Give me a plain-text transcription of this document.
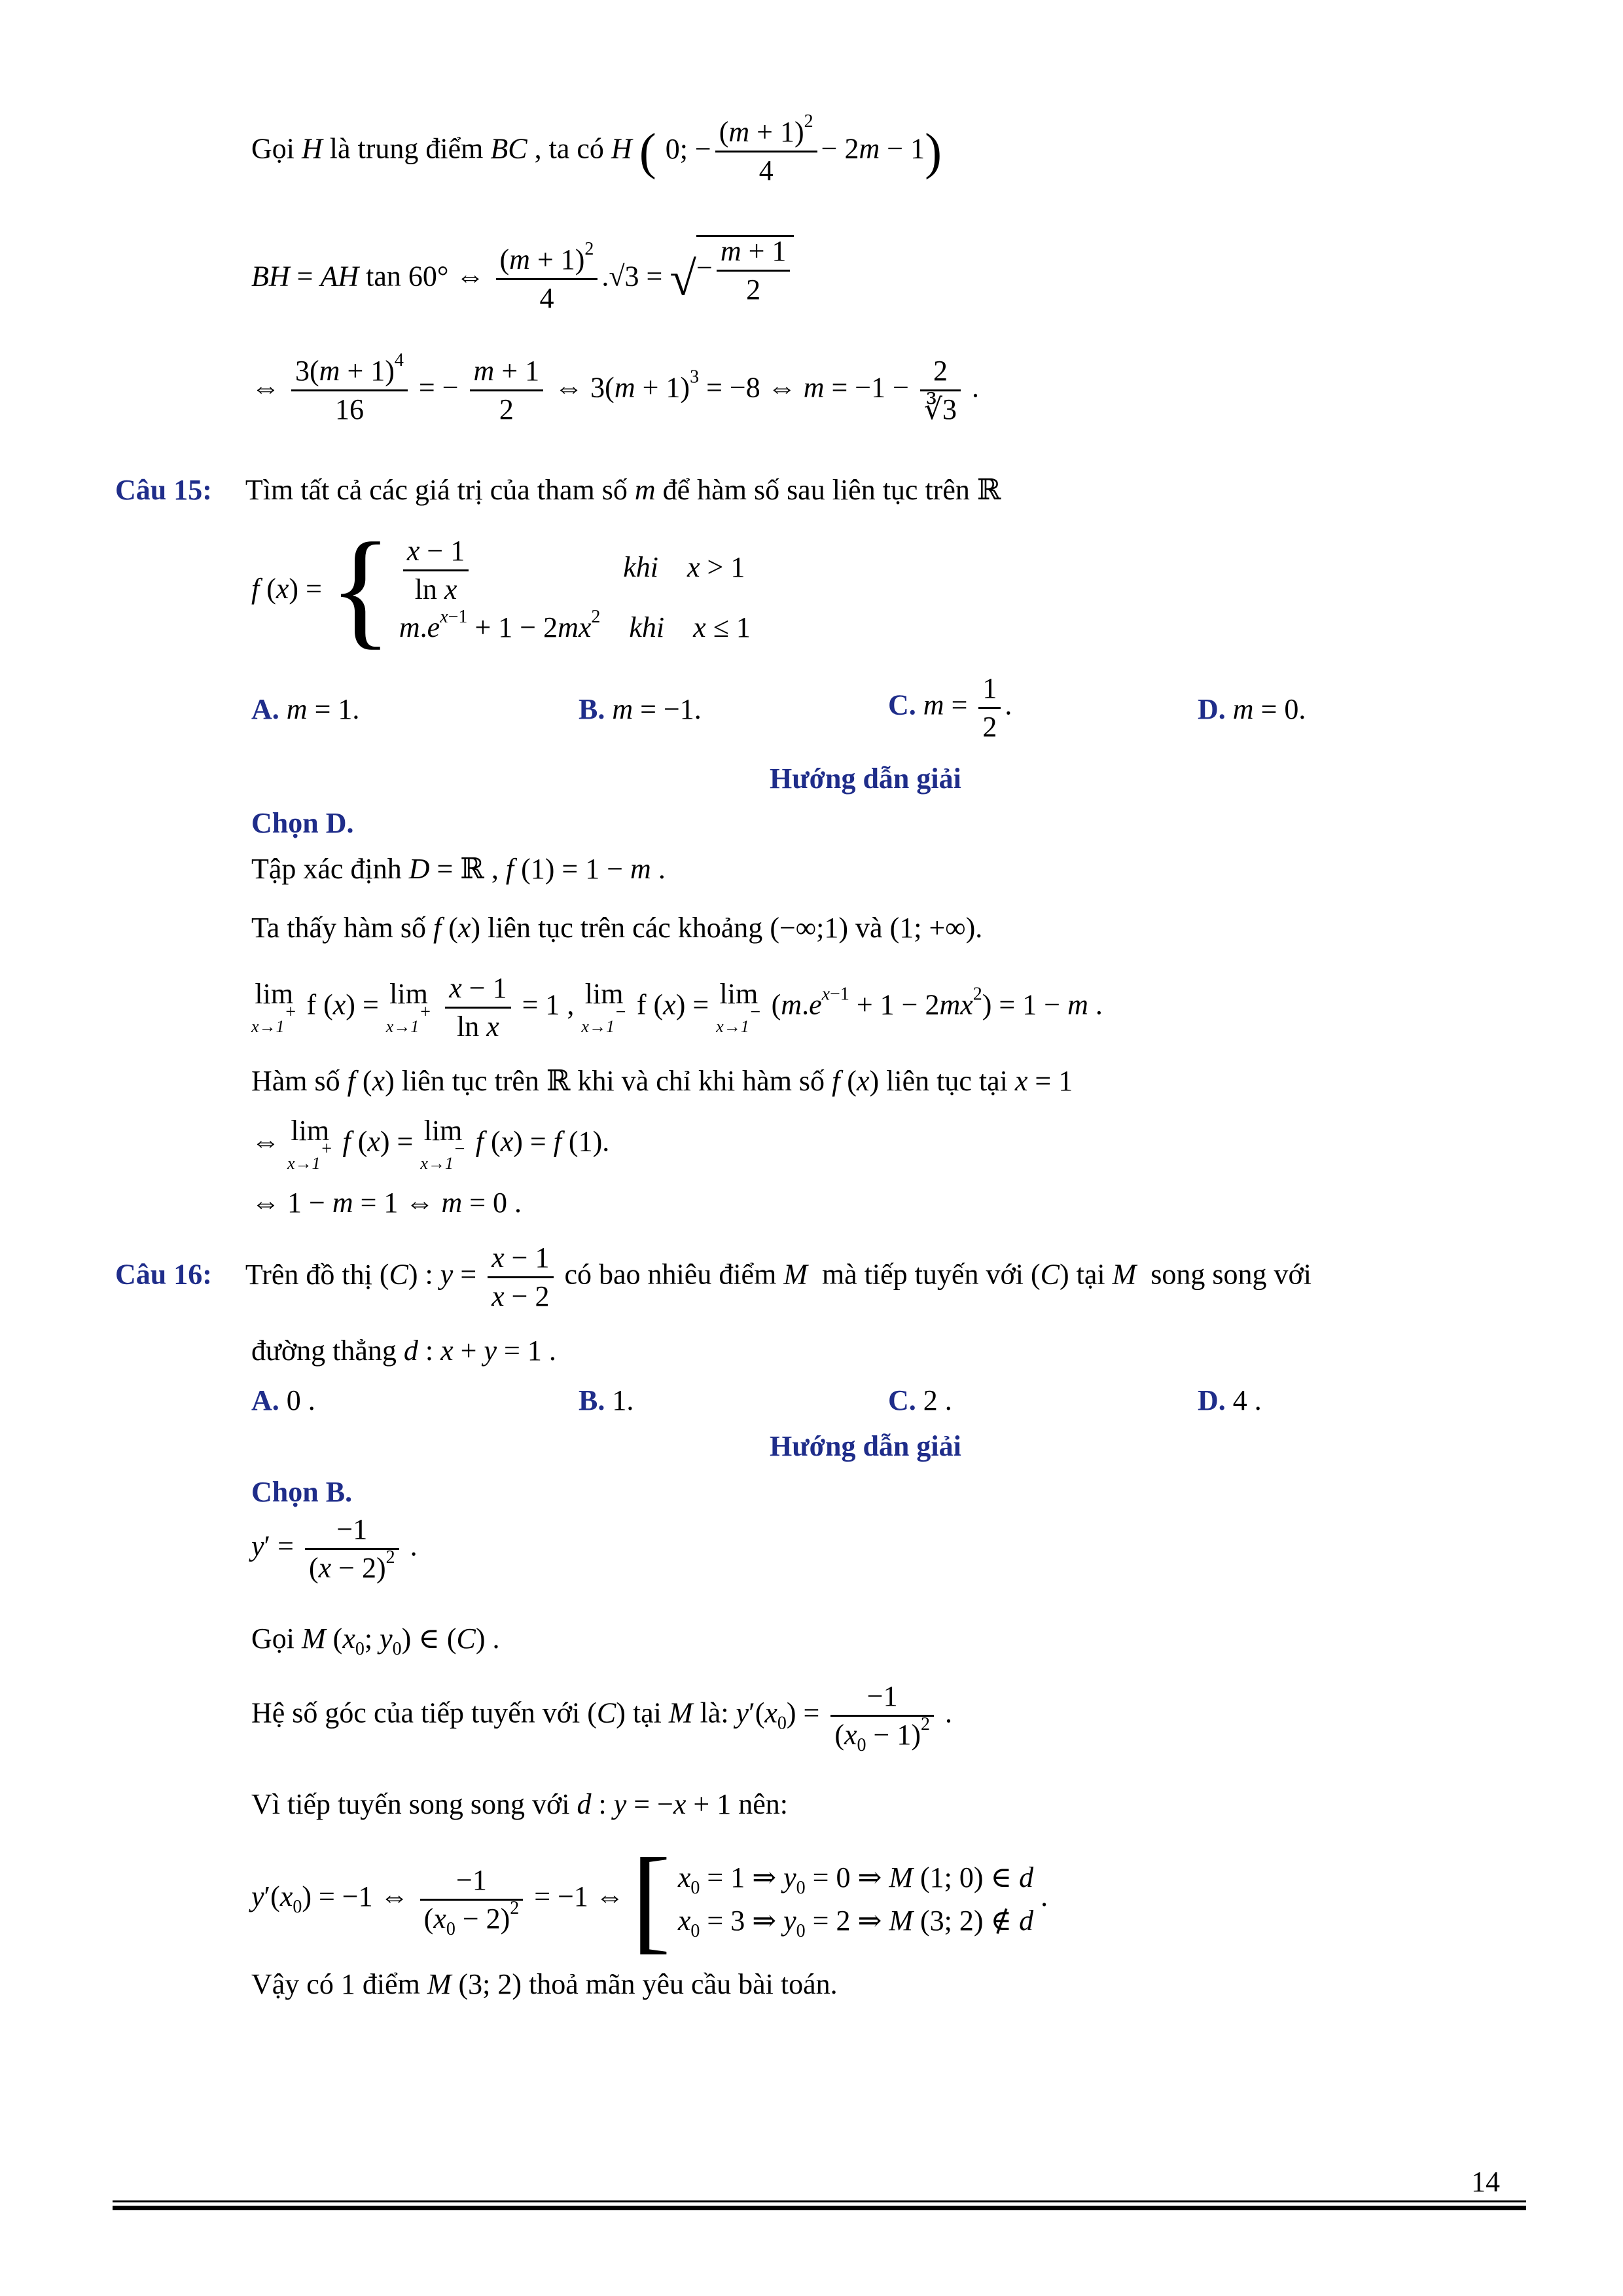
Gọi H là trung điểm BC , ta có H ( 0; − $\frac{(m + 1)^2}{4} - 2m - 1$)
BH = AH tan 60° ⇔ $\frac{(m + 1)^2}{4} .√3$ = √− $\frac{m + 1}{2}$
⇔ $\frac{3(m + 1)^4}{16}$ = − $\frac{m + 1}{2}$ ⇔ $3(m + 1)^3 = -8$ ⇔ $m = -1 - \frac{2}{∛3}$ .
Câu 15: Tìm tất cả các giá trị của tham số m để hàm số sau liên tục trên ℝ
f (x) = { $\frac{x - 1}{\text{ln x}}$	khi x > 1
$m.e^{x-1} + 1 - 2mx^2$ khi x ≤ 1
A. m = 1.	B. m = −1.	C. $m = \frac{1}{2}$ .	D. m = 0.
Hướng dẫn giải
Chọn D.
Tập xác định D = ℝ , f (1) = 1 − m .
Ta thấy hàm số f (x) liên tục trên các khoảng (−∞;1) và (1; +∞).
lim
x→1+ f (x) = lim
x→1+
$\frac{x - 1}{\text{ln x}} = 1$ , lim
x→1− f (x) = lim
x→1− $(m.e^{x-1} + 1 - 2mx^2) = 1 - m$ .
Hàm số f (x) liên tục trên ℝ khi và chỉ khi hàm số f (x) liên tục tại x = 1
⇔ lim
x→1+ f (x) = lim
x→1− f (x) = f (1).
⇔ 1 − m = 1 ⇔ m = 0 .
Câu 16: Trên đồ thị (C) : $y = \frac{x - 1}{x - 2}$ có bao nhiêu điểm M mà tiếp tuyến với (C) tại M song song với
đường thẳng d : x + y = 1 .
A. 0 .	B. 1.	C. 2 .	D. 4 .
Hướng dẫn giải
Chọn B.
$y' = \frac{-1}{(x - 2)^2}$ .
Gọi M ($x_0$; $y_0$) ∈ (C) .
Hệ số góc của tiếp tuyến với (C) tại M là: $y'(x_0) = \frac{-1}{(x_0 - 1)^2}$ .
Vì tiếp tuyến song song với d : y = −x + 1 nên:
$y'(x_0) = -1$ ⇔ $\frac{-1}{(x_0 - 2)^2} = -1$ ⇔ [ $x_0 = 1$ ⇒ $y_0 = 0$ ⇒ M (1; 0) ∈ d
$x_0 = 3$ ⇒ $y_0 = 2$ ⇒ M (3; 2) ∉ d
.
Vậy có 1 điểm M (3; 2) thoả mãn yêu cầu bài toán.
14
